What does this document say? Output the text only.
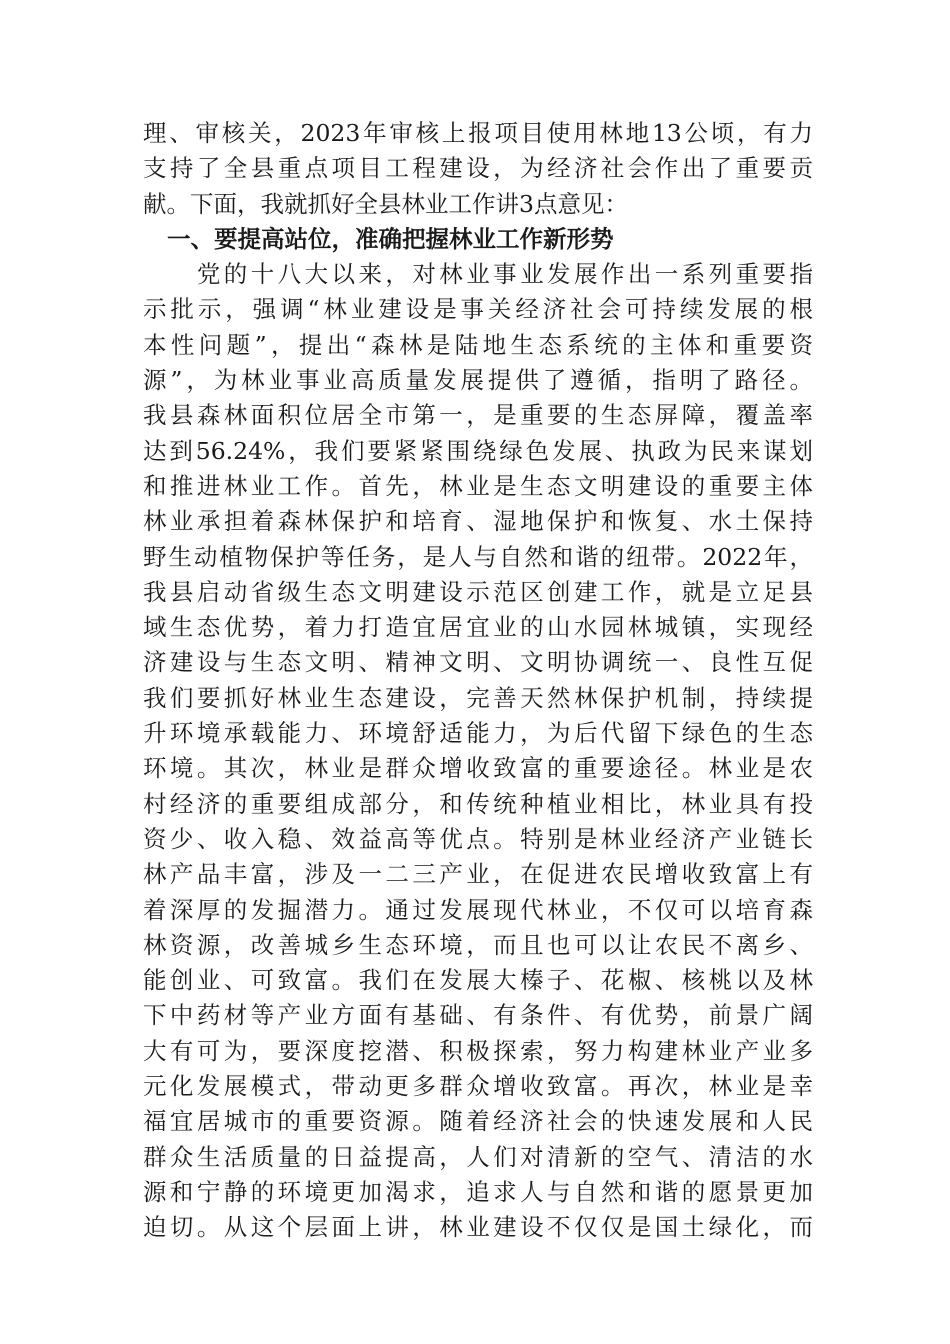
理、审核关，2023年审核上报项目使用林地13公顷，有力
支持了全县重点项目工程建设，为经济社会作出了重要贡
献。下面，我就抓好全县林业工作讲3点意见：
一、要提高站位，准确把握林业工作新形势
　　党的十八大以来，对林业事业发展作出一系列重要指
示批示，强调“林业建设是事关经济社会可持续发展的根
本性问题”，提出“森林是陆地生态系统的主体和重要资
源”，为林业事业高质量发展提供了遵循，指明了路径。
我县森林面积位居全市第一，是重要的生态屏障，覆盖率
达到56.24%，我们要紧紧围绕绿色发展、执政为民来谋划
和推进林业工作。首先，林业是生态文明建设的重要主体
林业承担着森林保护和培育、湿地保护和恢复、水土保持
野生动植物保护等任务，是人与自然和谐的纽带。2022年，
我县启动省级生态文明建设示范区创建工作，就是立足县
域生态优势，着力打造宜居宜业的山水园林城镇，实现经
济建设与生态文明、精神文明、文明协调统一、良性互促
我们要抓好林业生态建设，完善天然林保护机制，持续提
升环境承载能力、环境舒适能力，为后代留下绿色的生态
环境。其次，林业是群众增收致富的重要途径。林业是农
村经济的重要组成部分，和传统种植业相比，林业具有投
资少、收入稳、效益高等优点。特别是林业经济产业链长
林产品丰富，涉及一二三产业，在促进农民增收致富上有
着深厚的发掘潜力。通过发展现代林业，不仅可以培育森
林资源，改善城乡生态环境，而且也可以让农民不离乡、
能创业、可致富。我们在发展大榛子、花椒、核桃以及林
下中药材等产业方面有基础、有条件、有优势，前景广阔
大有可为，要深度挖潜、积极探索，努力构建林业产业多
元化发展模式，带动更多群众增收致富。再次，林业是幸
福宜居城市的重要资源。随着经济社会的快速发展和人民
群众生活质量的日益提高，人们对清新的空气、清洁的水
源和宁静的环境更加渴求，追求人与自然和谐的愿景更加
迫切。从这个层面上讲，林业建设不仅仅是国土绿化，而
